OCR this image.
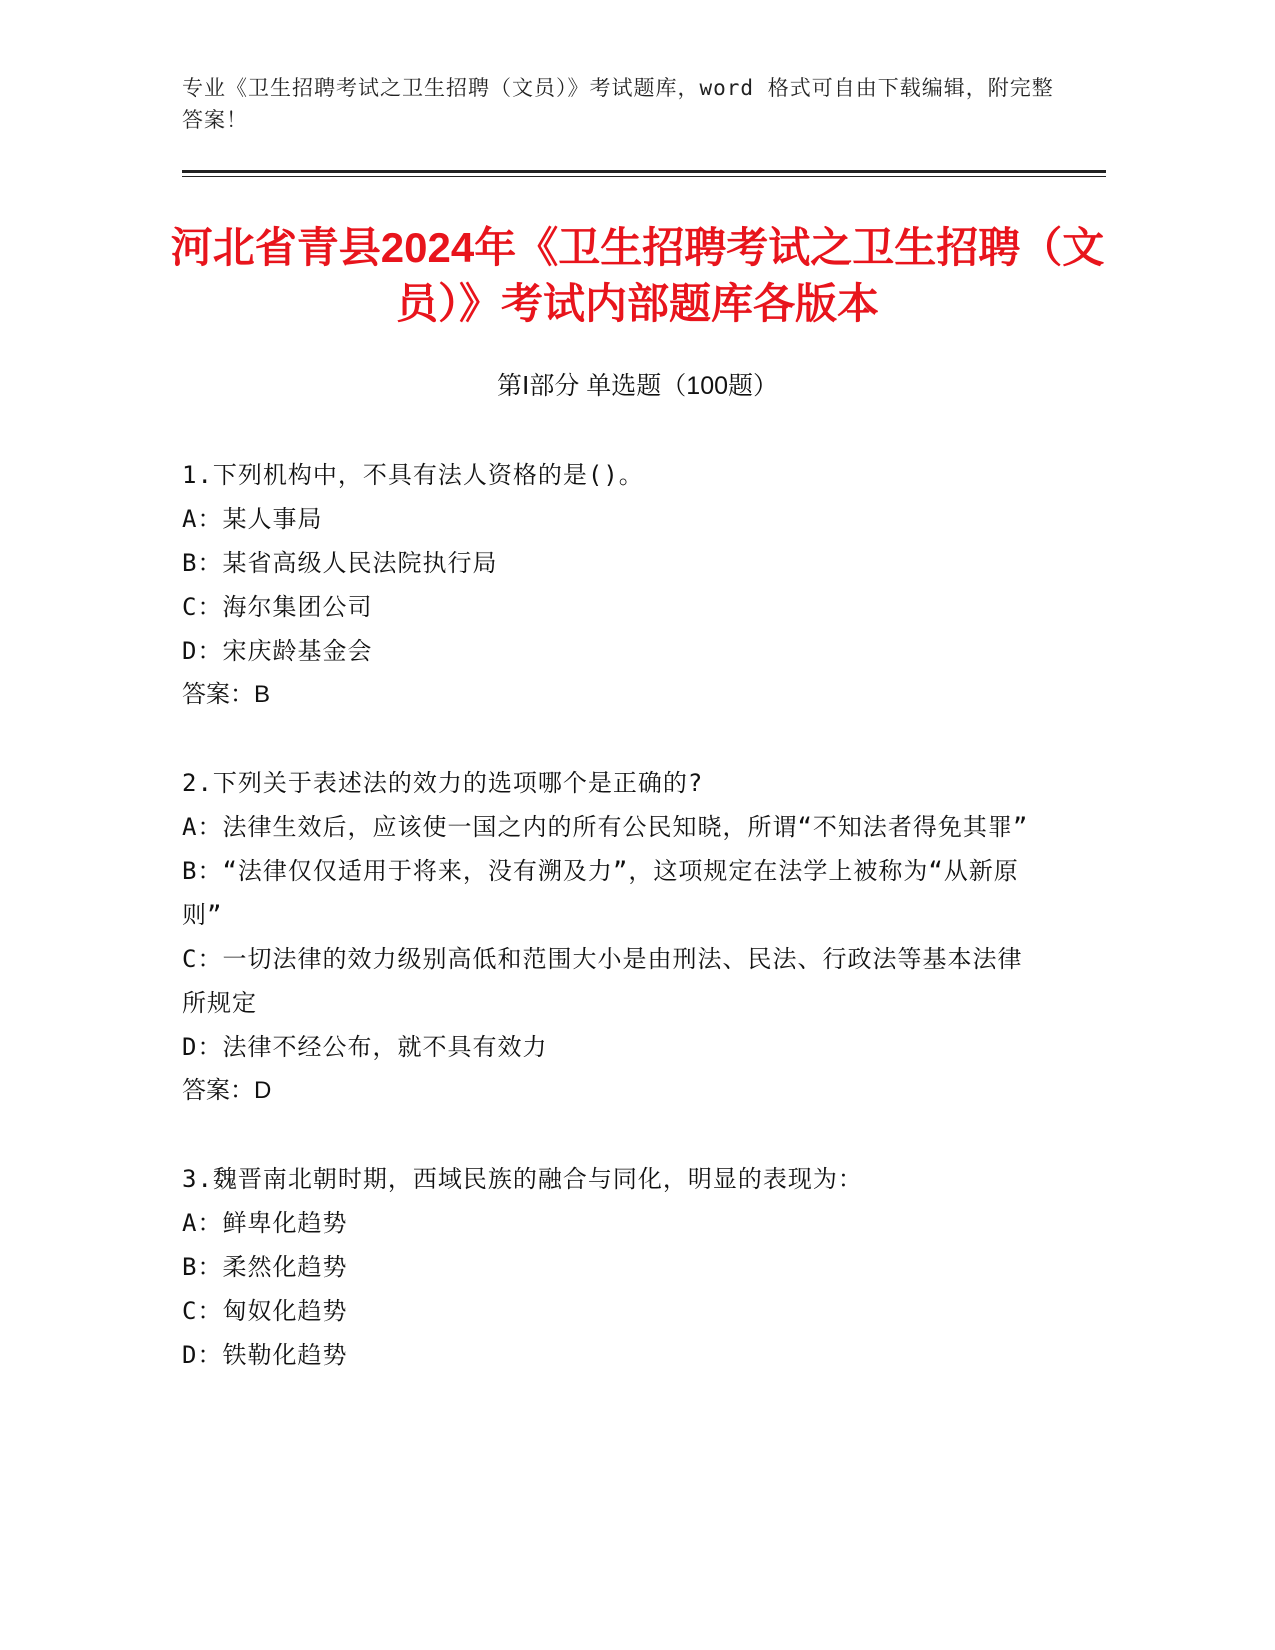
专业《卫生招聘考试之卫生招聘（文员）》考试题库，word 格式可自由下载编辑，附完整答案！
河北省青县2024年《卫生招聘考试之卫生招聘（文员）》考试内部题库各版本
第Ⅰ部分 单选题（100题）
1.下列机构中，不具有法人资格的是()。
A：某人事局
B：某省高级人民法院执行局
C：海尔集团公司
D：宋庆龄基金会
答案：B
2.下列关于表述法的效力的选项哪个是正确的?
A：法律生效后，应该使一国之内的所有公民知晓，所谓“不知法者得免其罪”
B：“法律仅仅适用于将来，没有溯及力”，这项规定在法学上被称为“从新原则”
C：一切法律的效力级别高低和范围大小是由刑法、民法、行政法等基本法律所规定
D：法律不经公布，就不具有效力
答案：D
3.魏晋南北朝时期，西域民族的融合与同化，明显的表现为：
A：鲜卑化趋势
B：柔然化趋势
C：匈奴化趋势
D：铁勒化趋势
